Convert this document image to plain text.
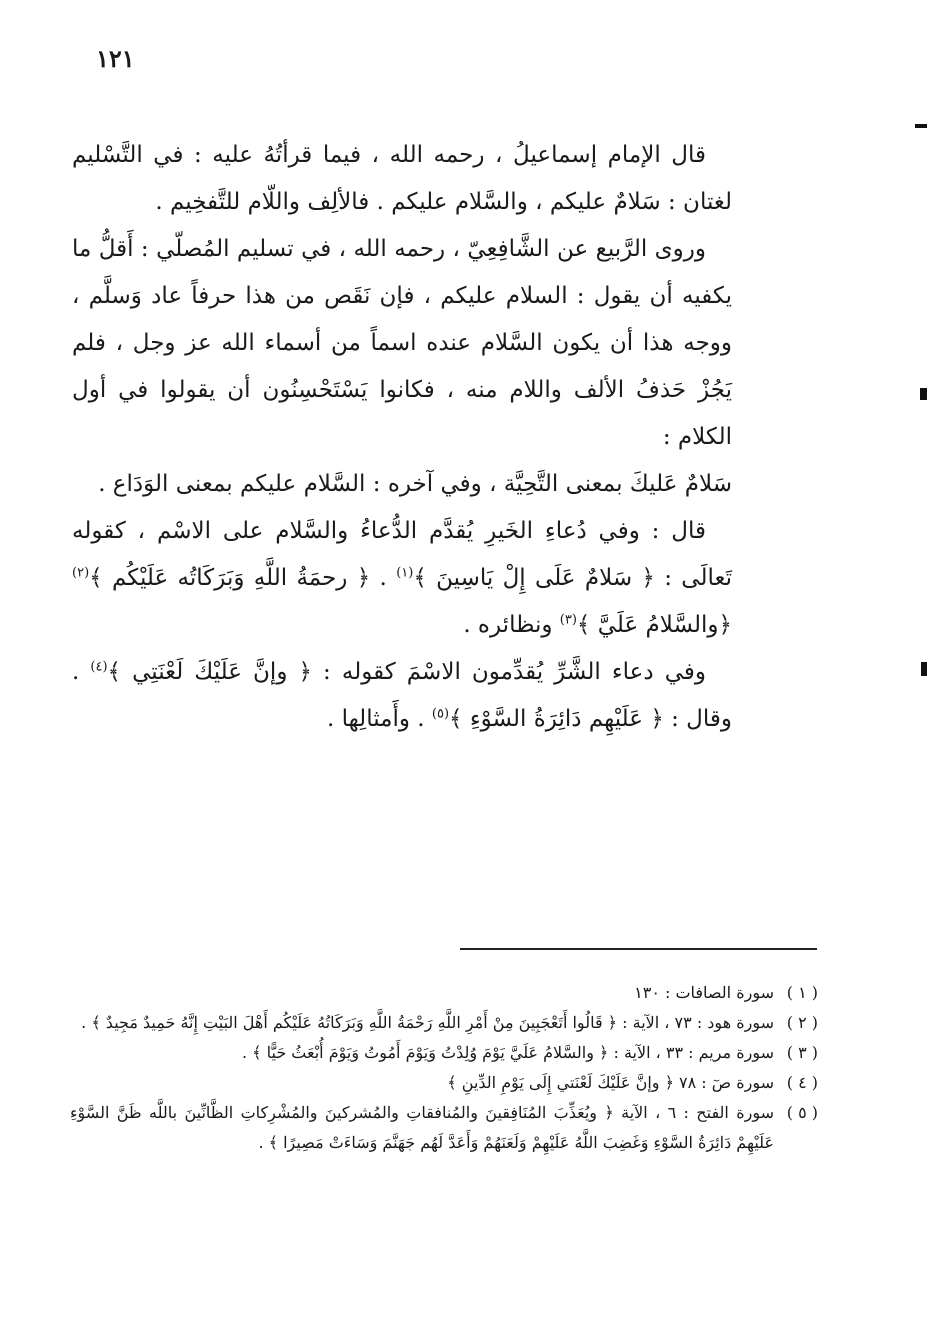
١٢١

قال الإمام إسماعيلُ ، رحمه الله ، فيما قرأتُهُ عليه : في التَّسْليم لغتان : سَلامٌ عليكم ، والسَّلام عليكم . فالألِف واللّام للتَّفخِيم .

وروى الرَّبيع عن الشَّافِعِيّ ، رحمه الله ، في تسليم المُصلّي : أَقلُّ ما يكفيه أن يقول : السلام عليكم ، فإن نَقَص من هذا حرفاً عاد وَسلَّم ، ووجه هذا أن يكون السَّلام عنده اسماً من أسماء الله عز وجل ، فلم يَجُزْ حَذفُ الألف واللام منه ، فكانوا يَسْتَحْسِنُون أن يقولوا في أول الكلام :

سَلامٌ عَليكَ بمعنى التَّحِيَّة ، وفي آخره : السَّلام عليكم بمعنى الوَدَاع .

قال : وفي دُعاءِ الخَيرِ يُقدَّم الدُّعاءُ والسَّلام على الاسْم ، كقوله تَعالَى : ﴿ سَلامٌ عَلَى إِلْ يَاسِينَ ﴾$^{(١)}$ . ﴿ رحمَةُ اللَّهِ وَبَرَكَاتُه عَلَيْكُم ﴾$^{(٢)}$ ﴿والسَّلامُ عَلَيَّ ﴾$^{(٣)}$ ونظائره .

وفي دعاء الشَّرِّ يُقدِّمون الاسْمَ كقوله : ﴿ وإنَّ عَلَيْكَ لَعْنَتِي ﴾$^{(٤)}$ . وقال : ﴿ عَلَيْهِم دَائِرَةُ السَّوْءِ ﴾$^{(٥)}$ . وأَمثالِها .

( ١ )
سورة الصافات : ١٣٠
( ٢ )
سورة هود : ٧٣ ، الآية : ﴿ قَالُوا أَتَعْجَبِينَ مِنْ أَمْرِ اللَّهِ رَحْمَةُ اللَّهِ وَبَرَكَاتُهُ عَلَيْكُم أَهْلَ البَيْتِ إِنَّهُ حَمِيدٌ مَجِيدٌ ﴾ .
( ٣ )
سورة مريم : ٣٣ ، الآية : ﴿ والسَّلامُ عَلَيَّ يَوْمَ وُلِدْتُ وَيَوْمَ أَمُوتُ وَيَوْمَ أُبْعَثُ حَيًّا ﴾ .
( ٤ )
سورة صٓ : ٧٨ ﴿ وإنَّ عَلَيْكَ لَعْنَتي إِلَى يَوْمِ الدِّينِ ﴾
( ٥ )
سورة الفتح : ٦ ، الآية ﴿ ويُعَذِّبَ المُنَافِقينَ والمُنافقاتِ والمُشركينَ والمُشْرِكاتِ الظَّانِّينَ باللَّه ظَنَّ السَّوْءِ عَلَيْهِمْ دَائِرَةُ السَّوْءِ وَغَضِبَ اللَّهُ عَلَيْهِمْ وَلَعَنَهُمْ وَأَعَدَّ لَهُم جَهَنَّمَ وَسَاءَتْ مَصِيرًا ﴾ .
